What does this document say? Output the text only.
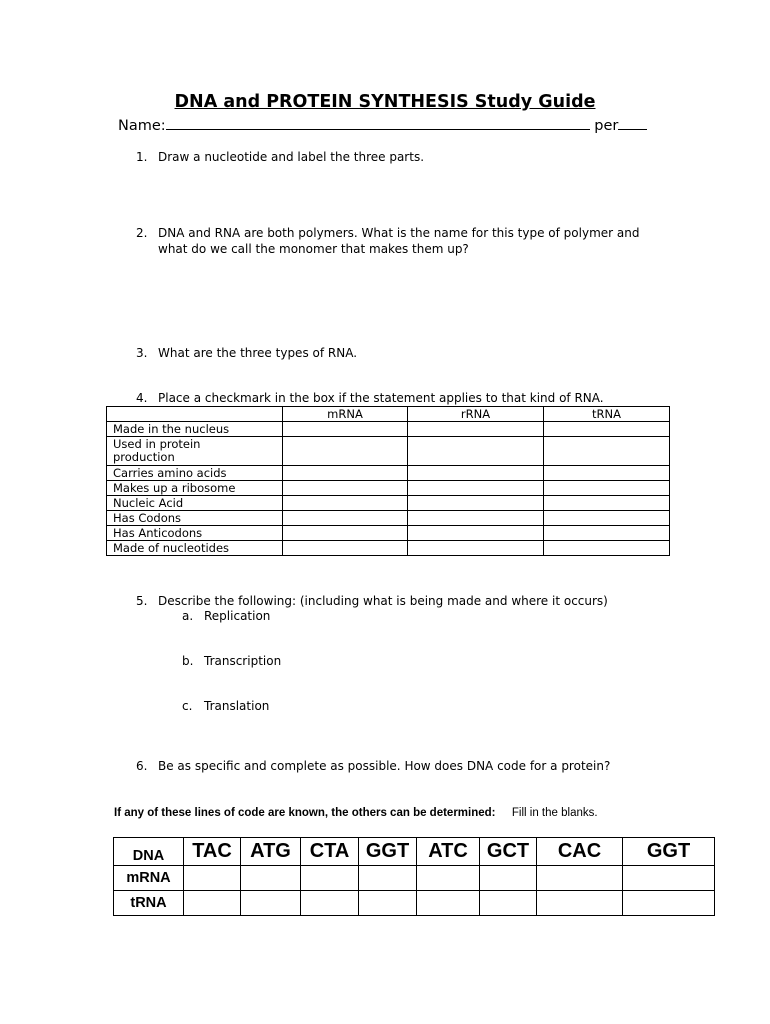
DNA and PROTEIN SYNTHESIS Study Guide
Name:	per
1. Draw a nucleotide and label the three parts.
2. DNA and RNA are both polymers. What is the name for this type of polymer and what do we call the monomer that makes them up?
3. What are the three types of RNA.
4. Place a checkmark in the box if the statement applies to that kind of RNA.
	mRNA	rRNA	tRNA
Made in the nucleus			
Used in protein production			
Carries amino acids			
Makes up a ribosome			
Nucleic Acid			
Has Codons			
Has Anticodons			
Made of nucleotides			
5. Describe the following: (including what is being made and where it occurs)
a. Replication
b. Transcription
c. Translation
6. Be as specific and complete as possible. How does DNA code for a protein?
If any of these lines of code are known, the others can be determined: Fill in the blanks.
DNA	TAC	ATG	CTA	GGT	ATC	GCT	CAC	GGT
mRNA								
tRNA								
